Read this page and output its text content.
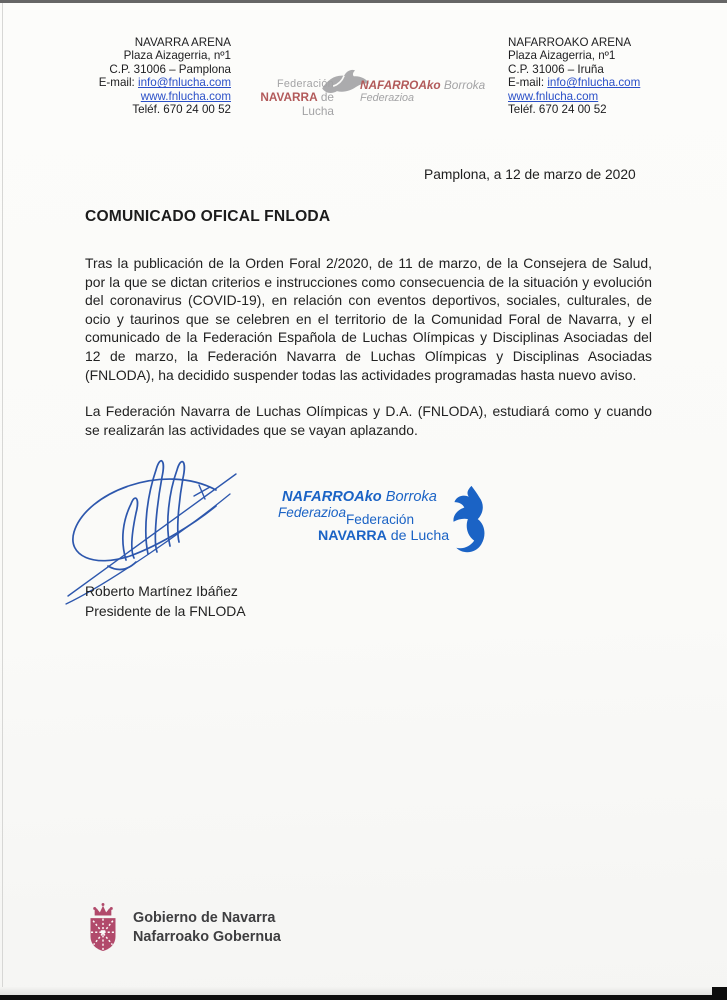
NAVARRA ARENA
Plaza Aizagerria, nº1
C.P. 31006 – Pamplona
E-mail: info@fnlucha.com
www.fnlucha.com
Teléf. 670 24 00 52
Federación
NAVARRA de Lucha
NAFARROAko Borroka
Federazioa
NAFARROAKO ARENA
Plaza Aizagerria, nº1
C.P. 31006 – Iruña
E-mail: info@fnlucha.com
www.fnlucha.com
Teléf. 670 24 00 52
Pamplona, a 12 de marzo de 2020
COMUNICADO OFICAL FNLODA

Tras la publicación de la Orden Foral 2/2020, de 11 de marzo, de la Consejera de Salud, por la que se dictan criterios e instrucciones como consecuencia de la situación y evolución del coronavirus (COVID-19), en relación con eventos deportivos, sociales, culturales, de ocio y taurinos que se celebren en el territorio de la Comunidad Foral de Navarra, y el comunicado de la Federación Española de Luchas Olímpicas y Disciplinas Asociadas del 12 de marzo, la Federación Navarra de Luchas Olímpicas y Disciplinas Asociadas (FNLODA), ha decidido suspender todas las actividades programadas hasta nuevo aviso.

La Federación Navarra de Luchas Olímpicas y D.A. (FNLODA), estudiará como y cuando se realizarán las actividades que se vayan aplazando.

NAFARROAko Borroka
Federazioa Federación
NAVARRA de Lucha
Roberto Martínez Ibáñez
Presidente de la FNLODA
Gobierno de Navarra
Nafarroako Gobernua
